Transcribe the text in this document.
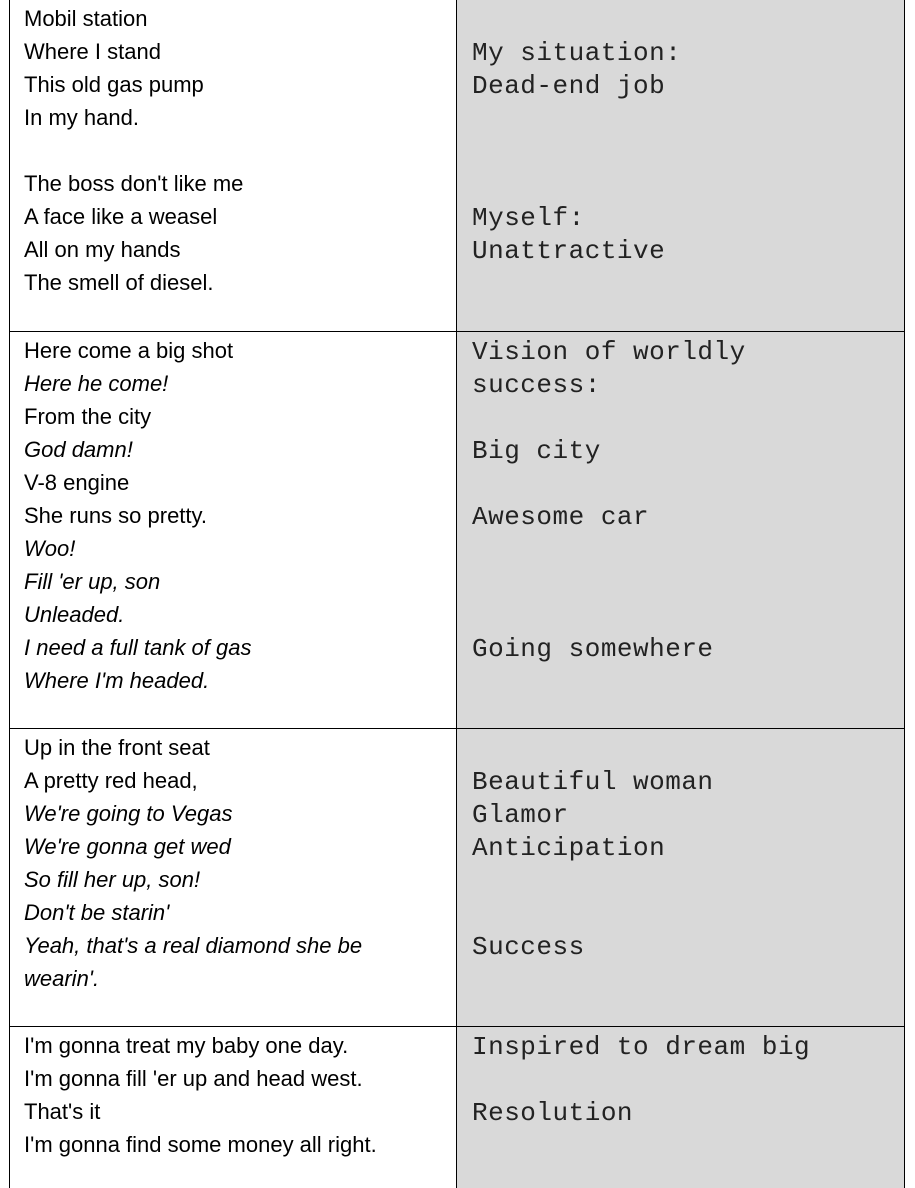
Mobil station
Where I stand
This old gas pump
In my hand.
The boss don't like me
A face like a weasel
All on my hands
The smell of diesel.
My situation:
Dead-end job
Myself:
Unattractive
Here come a big shot
Here he come!
From the city
God damn!
V-8 engine
She runs so pretty.
Woo!
Fill 'er up, son
Unleaded.
I need a full tank of gas
Where I'm headed.
Vision of worldly
success:
Big city
Awesome car
Going somewhere
Up in the front seat
A pretty red head,
We're going to Vegas
We're gonna get wed
So fill her up, son!
Don't be starin'
Yeah, that's a real diamond she be
wearin'.
Beautiful woman
Glamor
Anticipation
Success
I'm gonna treat my baby one day.
I'm gonna fill 'er up and head west.
That's it
I'm gonna find some money all right.
Inspired to dream big
Resolution
